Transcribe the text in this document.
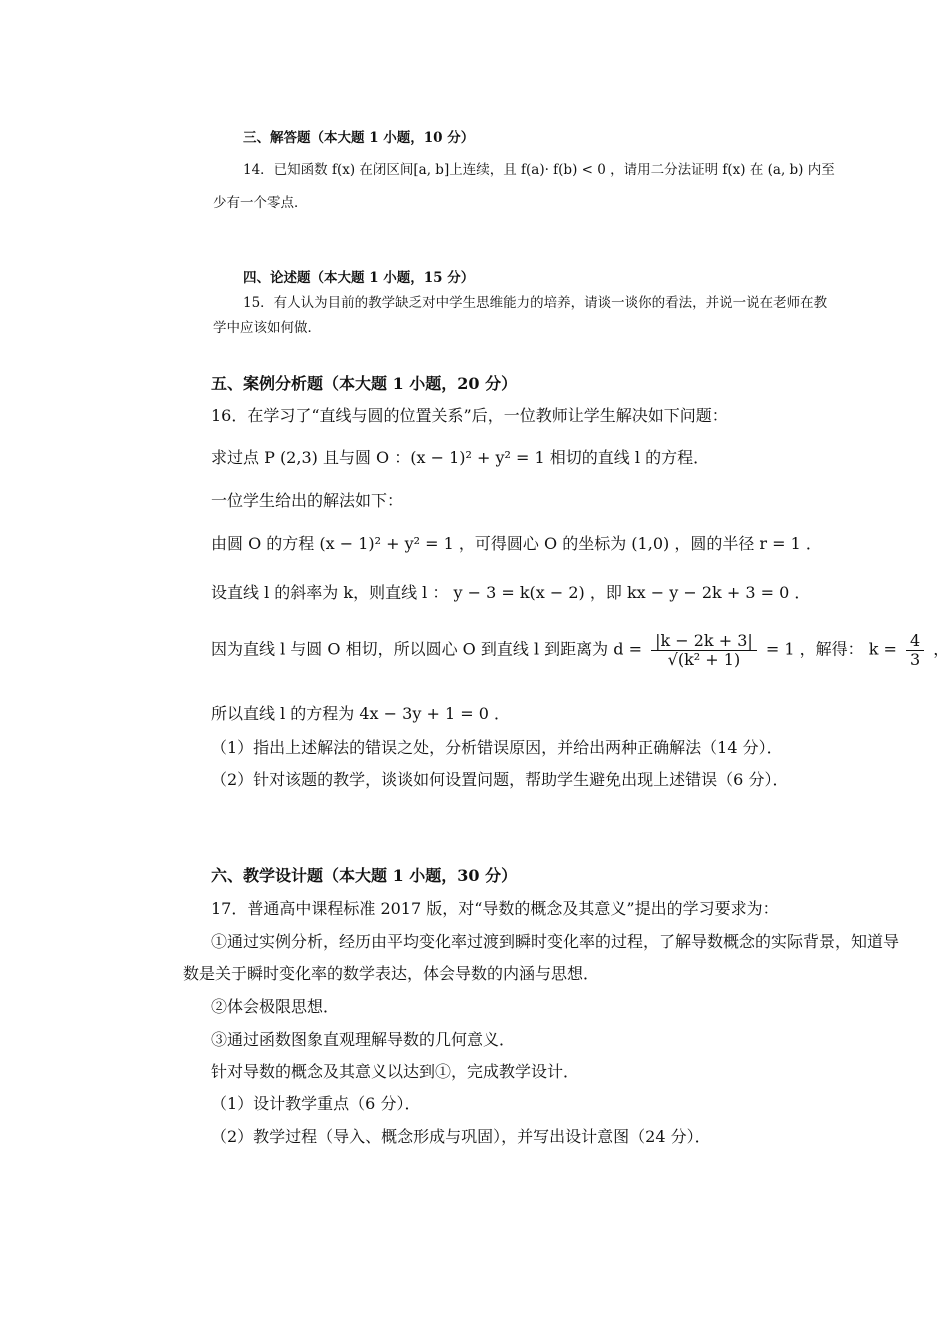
三、解答题（本大题 1 小题，10 分）
14．已知函数 f(x) 在闭区间[a, b]上连续，且 f(a)· f(b) < 0 ，请用二分法证明 f(x) 在 (a, b) 内至
少有一个零点．
四、论述题（本大题 1 小题，15 分）
15．有人认为目前的教学缺乏对中学生思维能力的培养，请谈一谈你的看法，并说一说在老师在教
学中应该如何做．
五、案例分析题（本大题 1 小题，20 分）
16．在学习了“直线与圆的位置关系”后，一位教师让学生解决如下问题：
求过点 P (2,3) 且与圆 O ：(x − 1)² + y² = 1 相切的直线 l 的方程．
一位学生给出的解法如下：
由圆 O 的方程 (x − 1)² + y² = 1 ，可得圆心 O 的坐标为 (1,0) ，圆的半径 r = 1 ．
设直线 l 的斜率为 k，则直线 l ： y − 3 = k(x − 2) ，即 kx − y − 2k + 3 = 0 ．
因为直线 l 与圆 O 相切，所以圆心 O 到直线 l 到距离为 $d = \frac{|k - 2k + 3|}{\text{√(k² + 1)}} = 1$ ，解得： $k = \frac{4}{3}$ ，
所以直线 l 的方程为 4x − 3y + 1 = 0 ．
（1）指出上述解法的错误之处，分析错误原因，并给出两种正确解法（14 分）．
（2）针对该题的教学，谈谈如何设置问题，帮助学生避免出现上述错误（6 分）．
六、教学设计题（本大题 1 小题，30 分）
17．普通高中课程标准 2017 版，对“导数的概念及其意义”提出的学习要求为：
①通过实例分析，经历由平均变化率过渡到瞬时变化率的过程，了解导数概念的实际背景，知道导
数是关于瞬时变化率的数学表达，体会导数的内涵与思想．
②体会极限思想．
③通过函数图象直观理解导数的几何意义．
针对导数的概念及其意义以达到①，完成教学设计．
（1）设计教学重点（6 分）．
（2）教学过程（导入、概念形成与巩固），并写出设计意图（24 分）．
